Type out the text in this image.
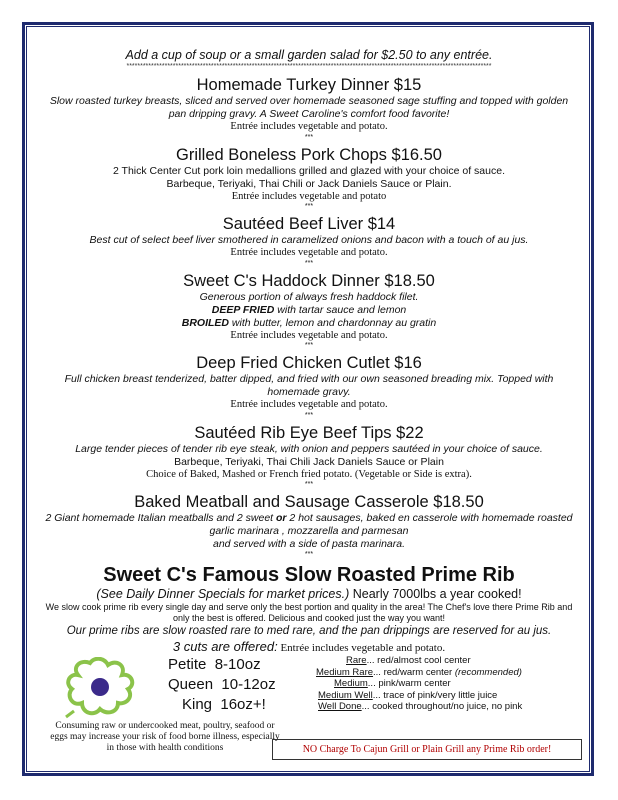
Add a cup of soup or a small garden salad for $2.50 to any entrée.
**************************************************************************************************************************************
Homemade Turkey Dinner $15
Slow roasted turkey breasts, sliced and served over homemade seasoned sage stuffing and topped with golden pan dripping gravy. A Sweet Caroline's comfort food favorite!
Entrée includes vegetable and potato.
***
Grilled Boneless Pork Chops $16.50
2 Thick Center Cut pork loin medallions grilled and glazed with your choice of sauce.
Barbeque, Teriyaki, Thai Chili or Jack Daniels Sauce or Plain.
Entrée includes vegetable and potato
***
Sautéed Beef Liver $14
Best cut of select beef liver smothered in caramelized onions and bacon with a touch of au jus.
Entrée includes vegetable and potato.
***
Sweet C's Haddock Dinner $18.50
Generous portion of always fresh haddock filet.
DEEP FRIED with tartar sauce and lemon
BROILED with butter, lemon and chardonnay au gratin
Entrée includes vegetable and potato.
***
Deep Fried Chicken Cutlet $16
Full chicken breast tenderized, batter dipped, and fried with our own seasoned breading mix. Topped with homemade gravy.
Entrée includes vegetable and potato.
***
Sautéed Rib Eye Beef Tips $22
Large tender pieces of tender rib eye steak, with onion and peppers sautéed in your choice of sauce.
Barbeque, Teriyaki, Thai Chili Jack Daniels Sauce or Plain
Choice of Baked, Mashed or French fried potato. (Vegetable or Side is extra).
***
Baked Meatball and Sausage Casserole $18.50
2 Giant homemade Italian meatballs and 2 sweet or 2 hot sausages, baked en casserole with homemade roasted garlic marinara , mozzarella and parmesan
and served with a side of pasta marinara.
***
Sweet C's Famous Slow Roasted Prime Rib
(See Daily Dinner Specials for market prices.) Nearly 7000lbs a year cooked!
We slow cook prime rib every single day and serve only the best portion and quality in the area! The Chef's love there Prime Rib and only the best is offered. Delicious and cooked just the way you want!
Our prime ribs are slow roasted rare to med rare, and the pan drippings are reserved for au jus.
3 cuts are offered: Entrée includes vegetable and potato.
Petite 8-10oz
Queen 10-12oz
King 16oz+!
Rare... red/almost cool center
Medium Rare... red/warm center (recommended)
Medium... pink/warm center
Medium Well... trace of pink/very little juice
Well Done... cooked throughout/no juice, no pink
Consuming raw or undercooked meat, poultry, seafood or eggs may increase your risk of food borne illness, especially in those with health conditions	NO Charge To Cajun Grill or Plain Grill any Prime Rib order!
